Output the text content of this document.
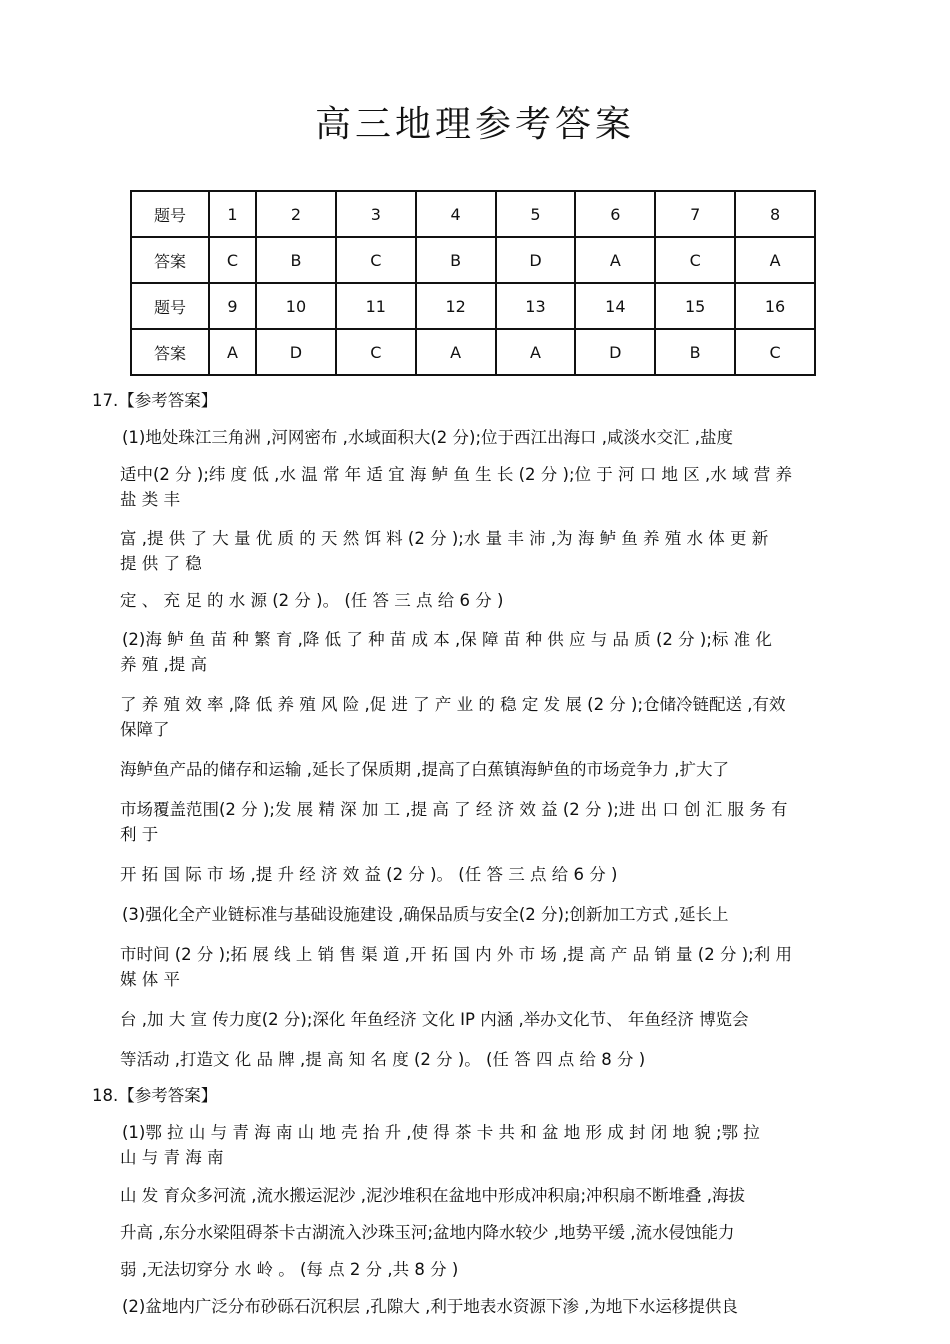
高三地理参考答案
题号	1	2	3	4	5	6	7	8
答案	C	B	C	B	D	A	C	A
题号	9	10	11	12	13	14	15	16
答案	A	D	C	A	A	D	B	C
17.【参考答案】
(1)地处珠江三角洲 ,河网密布 ,水域面积大(2 分);位于西江出海口 ,咸淡水交汇 ,盐度
适中(2 分 );纬 度 低 ,水 温 常 年 适 宜 海 鲈 鱼 生 长 (2 分 );位 于 河 口 地 区 ,水 域 营 养
盐 类 丰
富 ,提 供 了 大 量 优 质 的 天 然 饵 料 (2 分 );水 量 丰 沛 ,为 海 鲈 鱼 养 殖 水 体 更 新
提 供 了 稳
定 、 充 足 的 水 源 (2 分 )。 (任 答 三 点 给 6 分 )
(2)海 鲈 鱼 苗 种 繁 育 ,降 低 了 种 苗 成 本 ,保 障 苗 种 供 应 与 品 质 (2 分 );标 准 化
养 殖 ,提 高
了 养 殖 效 率 ,降 低 养 殖 风 险 ,促 进 了 产 业 的 稳 定 发 展 (2 分 );仓储冷链配送 ,有效
保障了
海鲈鱼产品的储存和运输 ,延长了保质期 ,提高了白蕉镇海鲈鱼的市场竞争力 ,扩大了
市场覆盖范围(2 分 );发 展 精 深 加 工 ,提 高 了 经 济 效 益 (2 分 );进 出 口 创 汇 服 务 有
利 于
开 拓 国 际 市 场 ,提 升 经 济 效 益 (2 分 )。 (任 答 三 点 给 6 分 )
(3)强化全产业链标准与基础设施建设 ,确保品质与安全(2 分);创新加工方式 ,延长上
市时间 (2 分 );拓 展 线 上 销 售 渠 道 ,开 拓 国 内 外 市 场 ,提 高 产 品 销 量 (2 分 );利 用
媒 体 平
台 ,加 大 宣 传力度(2 分);深化 年鱼经济 文化 IP 内涵 ,举办文化节、 年鱼经济 博览会
等活动 ,打造文 化 品 牌 ,提 高 知 名 度 (2 分 )。 (任 答 四 点 给 8 分 )
18.【参考答案】
(1)鄂 拉 山 与 青 海 南 山 地 壳 抬 升 ,使 得 茶 卡 共 和 盆 地 形 成 封 闭 地 貌 ;鄂 拉
山 与 青 海 南
山 发 育众多河流 ,流水搬运泥沙 ,泥沙堆积在盆地中形成冲积扇;冲积扇不断堆叠 ,海拔
升高 ,东分水梁阻碍茶卡古湖流入沙珠玉河;盆地内降水较少 ,地势平缓 ,流水侵蚀能力
弱 ,无法切穿分 水 岭 。 (每 点 2 分 ,共 8 分 )
(2)盆地内广泛分布砂砾石沉积层 ,孔隙大 ,利于地表水资源下渗 ,为地下水运移提供良
